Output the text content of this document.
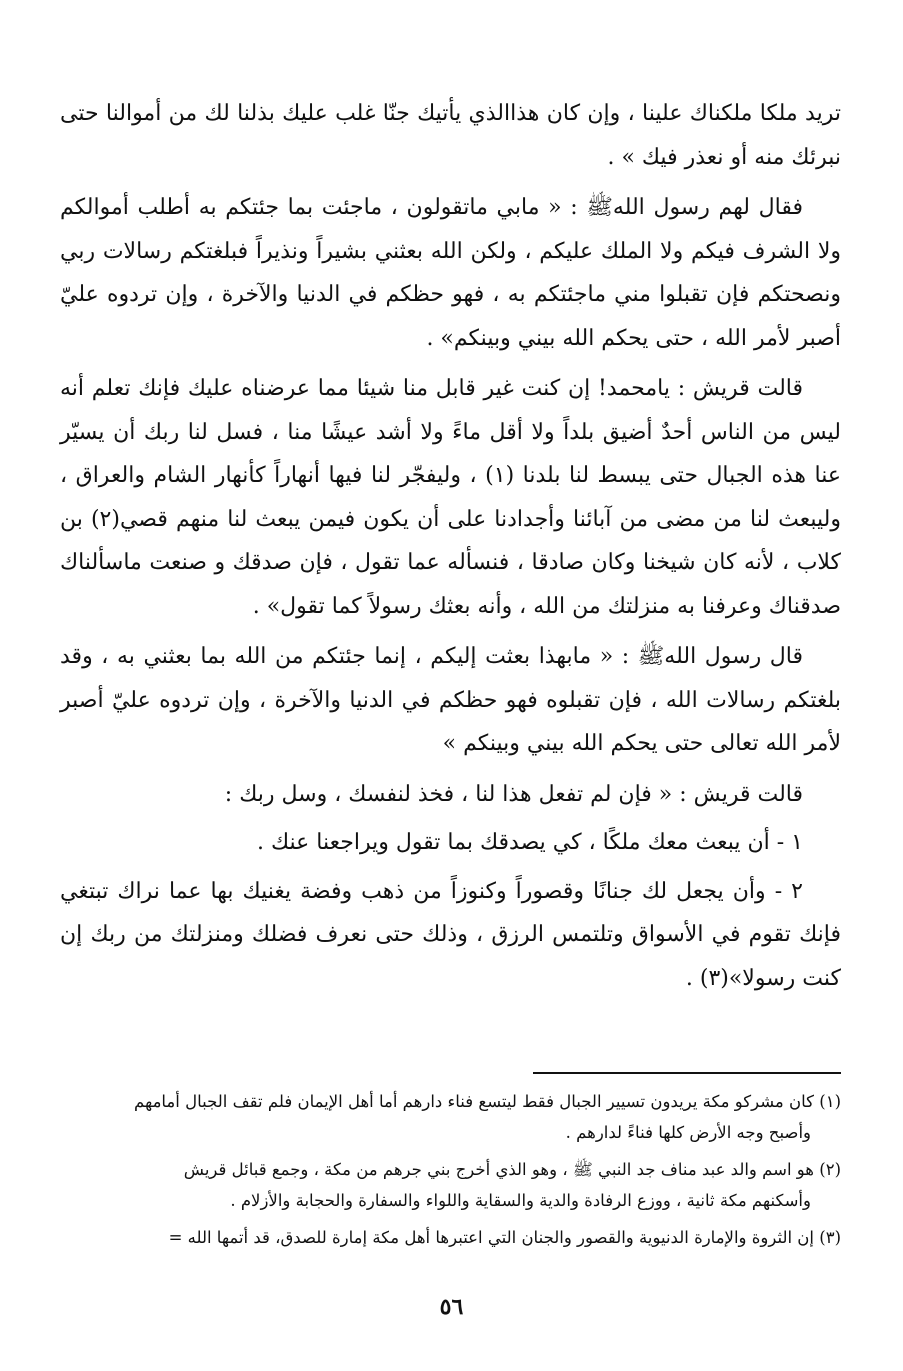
تريد ملكا ملكناك علينا ، وإن كان هذاالذي يأتيك جنّا غلب عليك بذلنا لك من أموالنا حتى نبرئك منه أو نعذر فيك » .

فقال لهم رسول اللهﷺ : « مابي ماتقولون ، ماجئت بما جئتكم به أطلب أموالكم ولا الشرف فيكم ولا الملك عليكم ، ولكن الله بعثني بشيراً ونذيراً فبلغتكم رسالات ربي ونصحتكم فإن تقبلوا مني ماجئتكم به ، فهو حظكم في الدنيا والآخرة ، وإن تردوه عليّ أصبر لأمر الله ، حتى يحكم الله بيني وبينكم» .

قالت قريش : يامحمد! إن كنت غير قابل منا شيئا مما عرضناه عليك فإنك تعلم أنه ليس من الناس أحدٌ أضيق بلداً ولا أقل ماءً ولا أشد عيشًا منا ، فسل لنا ربك أن يسيّر عنا هذه الجبال حتى يبسط لنا بلدنا (١) ، وليفجّر لنا فيها أنهاراً كأنهار الشام والعراق ، وليبعث لنا من مضى من آبائنا وأجدادنا على أن يكون فيمن يبعث لنا منهم قصي(٢) بن كلاب ، لأنه كان شيخنا وكان صادقا ، فنسأله عما تقول ، فإن صدقك و صنعت ماسألناك صدقناك وعرفنا به منزلتك من الله ، وأنه بعثك رسولاً كما تقول» .

قال رسول اللهﷺ : « مابهذا بعثت إليكم ، إنما جئتكم من الله بما بعثني به ، وقد بلغتكم رسالات الله ، فإن تقبلوه فهو حظكم في الدنيا والآخرة ، وإن تردوه عليّ أصبر لأمر الله تعالى حتى يحكم الله بيني وبينكم »

قالت قريش : « فإن لم تفعل هذا لنا ، فخذ لنفسك ، وسل ربك :

١ - أن يبعث معك ملكًا ، كي يصدقك بما تقول ويراجعنا عنك .

٢ - وأن يجعل لك جنانًا وقصوراً وكنوزاً من ذهب وفضة يغنيك بها عما نراك تبتغي فإنك تقوم في الأسواق وتلتمس الرزق ، وذلك حتى نعرف فضلك ومنزلتك من ربك إن كنت رسولا»(٣) .

(١) كان مشركو مكة يريدون تسيير الجبال فقط ليتسع فناء دارهم أما أهل الإيمان فلم تقف الجبال أمامهم
وأصبح وجه الأرض كلها فناءً لدارهم .
(٢) هو اسم والد عبد مناف جد النبي ﷺ ، وهو الذي أخرج بني جرهم من مكة ، وجمع قبائل قريش
وأسكنهم مكة ثانية ، ووزع الرفادة والدية والسقاية واللواء والسفارة والحجابة والأزلام .
(٣) إن الثروة والإمارة الدنيوية والقصور والجنان التي اعتبرها أهل مكة إمارة للصدق، قد أتمها الله =
٥٦
